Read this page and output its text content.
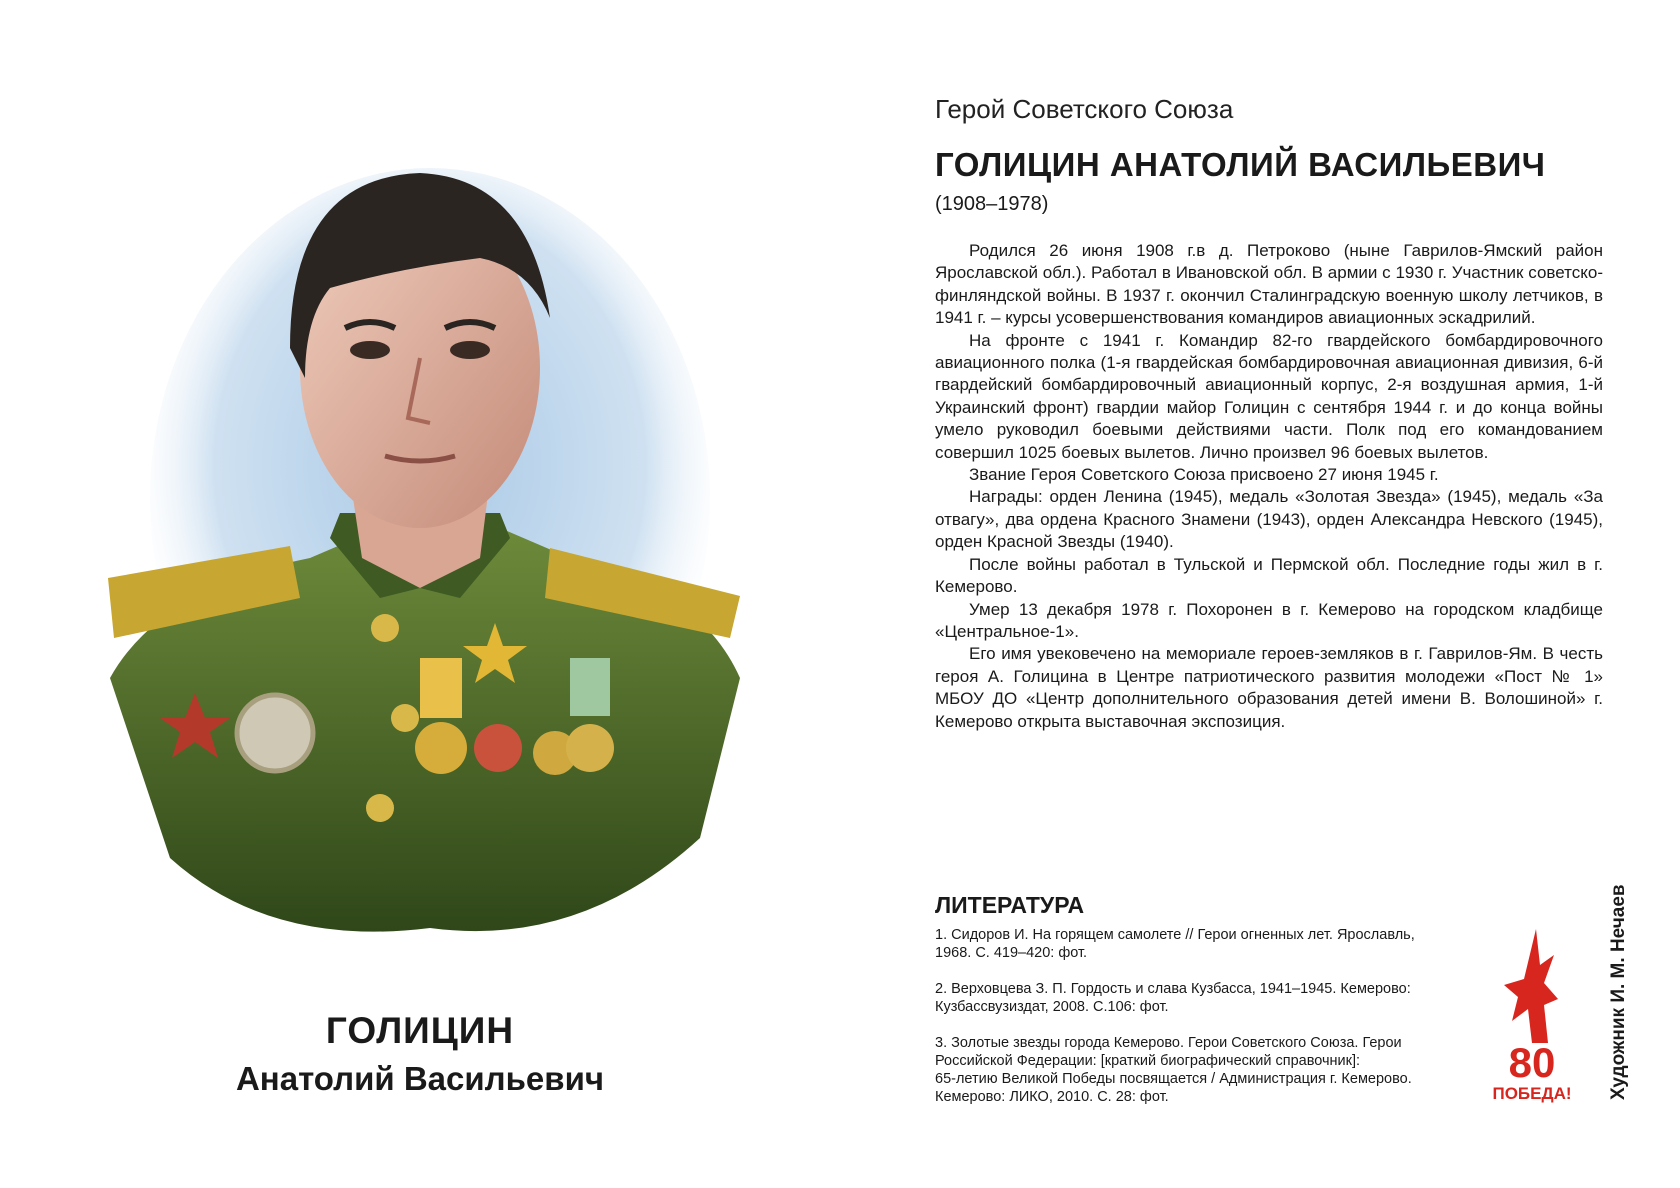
ГОЛИЦИН
Анатолий Васильевич
Герой Советского Союза
ГОЛИЦИН АНАТОЛИЙ ВАСИЛЬЕВИЧ
(1908–1978)

Родился 26 июня 1908 г.в д. Петроково (ныне Гаврилов-Ямский район Ярославской обл.). Работал в Ивановской обл. В армии с 1930 г. Участник советско-финляндской войны. В 1937 г. окончил Сталинградскую военную школу летчиков, в 1941 г. – курсы усовершенствования командиров авиационных эскадрилий.

На фронте с 1941 г. Командир 82-го гвардейского бомбардировочного авиационного полка (1-я гвардейская бомбардировочная авиационная дивизия, 6-й гвардейский бомбардировочный авиационный корпус, 2-я воздушная армия, 1-й Украинский фронт) гвардии майор Голицин с сентября 1944 г. и до конца войны умело руководил боевыми действиями части. Полк под его командованием совершил 1025 боевых вылетов. Лично произвел 96 боевых вылетов.

Звание Героя Советского Союза присвоено 27 июня 1945 г.

Награды: орден Ленина (1945), медаль «Золотая Звезда» (1945), медаль «За отвагу», два ордена Красного Знамени (1943), орден Александра Невского (1945), орден Красной Звезды (1940).

После войны работал в Тульской и Пермской обл. Последние годы жил в г. Кемерово.

Умер 13 декабря 1978 г. Похоронен в г. Кемерово на городском кладбище «Центральное-1».

Его имя увековечено на мемориале героев-земляков в г. Гаврилов-Ям. В честь героя А. Голицина в Центре патриотического развития молодежи «Пост № 1» МБОУ ДО «Центр дополнительного образования детей имени В. Волошиной» г. Кемерово открыта выставочная экспозиция.

ЛИТЕРАТУРА
1. Сидоров И. На горящем самолете // Герои огненных лет. Ярославль,
1968. С. 419–420: фот.
2. Верховцева З. П. Гордость и слава Кузбасса, 1941–1945. Кемерово:
Кузбассвузиздат, 2008. С.106: фот.
3. Золотые звезды города Кемерово. Герои Советского Союза. Герои
Российской Федерации: [краткий биографический справочник]:
65-летию Великой Победы посвящается / Администрация г. Кемерово.
Кемерово: ЛИКО, 2010. С. 28: фот.
80
ПОБЕДА! Художник И. М. Нечаев
